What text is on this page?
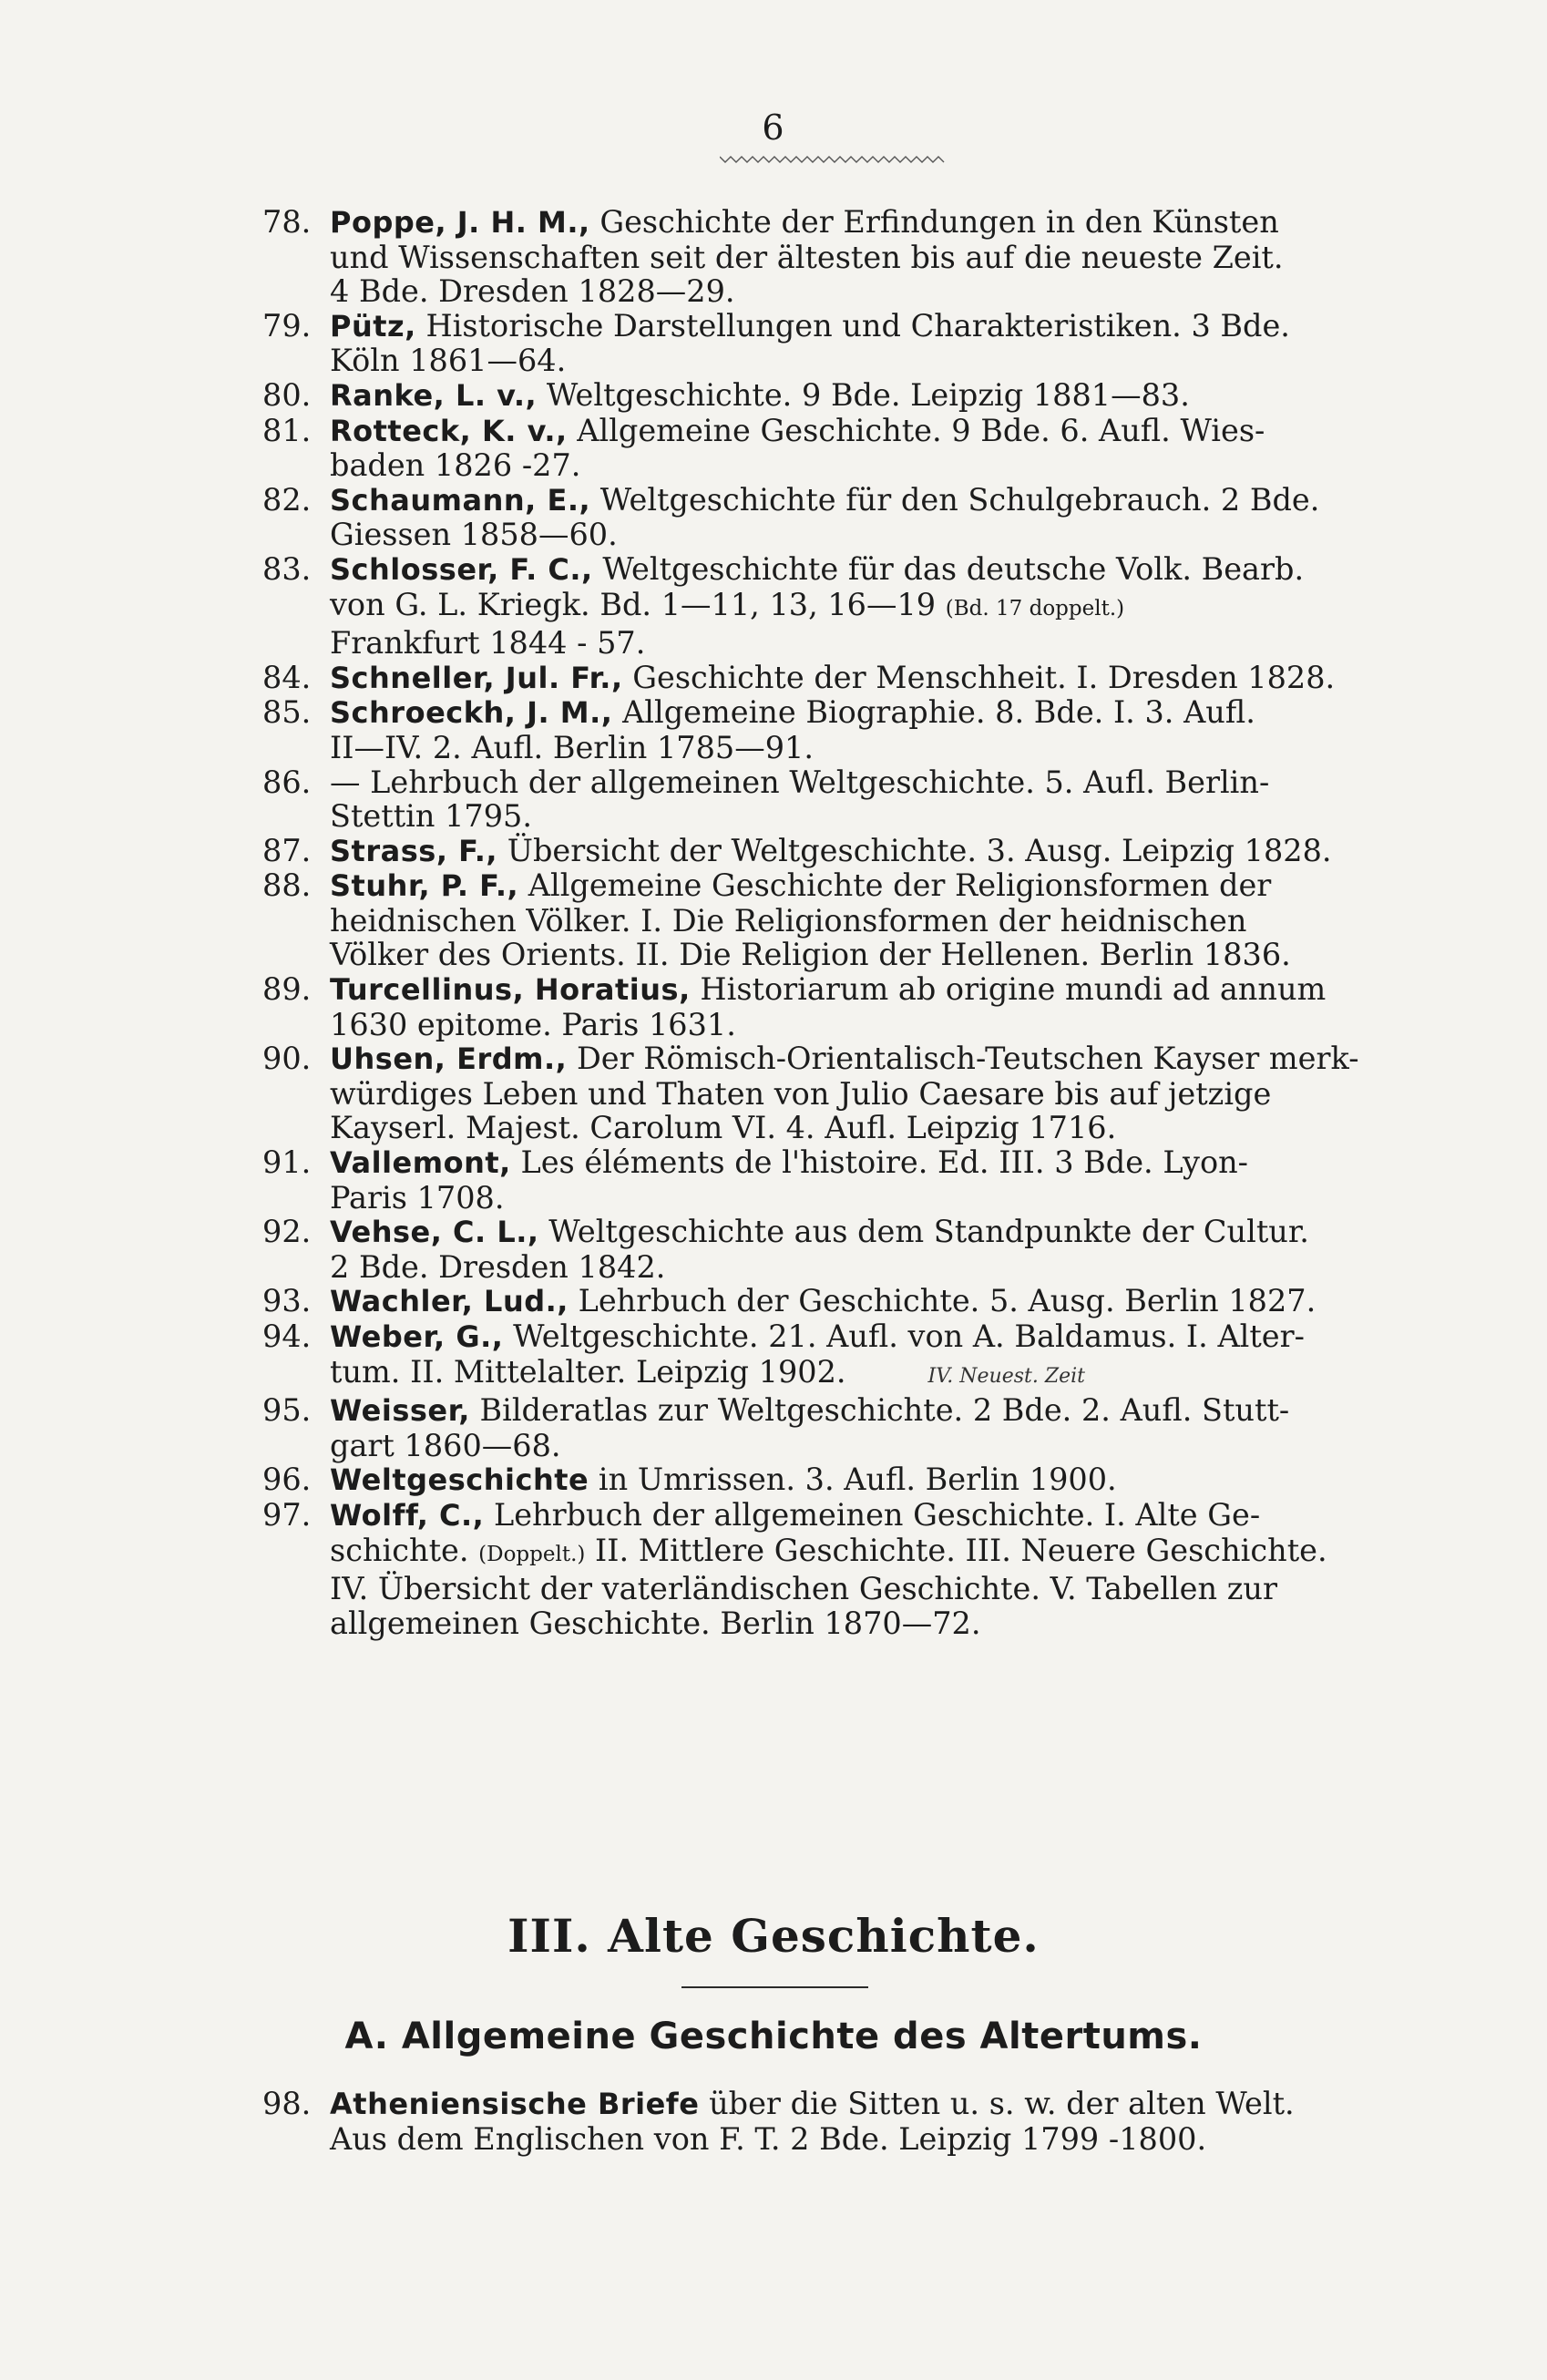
6
78. Poppe, J. H. M., Geschichte der Erfindungen in den Künsten
und Wissenschaften seit der ältesten bis auf die neueste Zeit.
4 Bde. Dresden 1828—29.
79. Pütz, Historische Darstellungen und Charakteristiken. 3 Bde.
Köln 1861—64.
80. Ranke, L. v., Weltgeschichte. 9 Bde. Leipzig 1881—83.
81. Rotteck, K. v., Allgemeine Geschichte. 9 Bde. 6. Aufl. Wies-
baden 1826 -27.
82. Schaumann, E., Weltgeschichte für den Schulgebrauch. 2 Bde.
Giessen 1858—60.
83. Schlosser, F. C., Weltgeschichte für das deutsche Volk. Bearb.
von G. L. Kriegk. Bd. 1—11, 13, 16—19 (Bd. 17 doppelt.)
Frankfurt 1844 - 57.
84. Schneller, Jul. Fr., Geschichte der Menschheit. I. Dresden 1828.
85. Schroeckh, J. M., Allgemeine Biographie. 8. Bde. I. 3. Aufl.
II—IV. 2. Aufl. Berlin 1785—91.
86. — Lehrbuch der allgemeinen Weltgeschichte. 5. Aufl. Berlin-
Stettin 1795.
87. Strass, F., Übersicht der Weltgeschichte. 3. Ausg. Leipzig 1828.
88. Stuhr, P. F., Allgemeine Geschichte der Religionsformen der
heidnischen Völker. I. Die Religionsformen der heidnischen
Völker des Orients. II. Die Religion der Hellenen. Berlin 1836.
89. Turcellinus, Horatius, Historiarum ab origine mundi ad annum
1630 epitome. Paris 1631.
90. Uhsen, Erdm., Der Römisch-Orientalisch-Teutschen Kayser merk-
würdiges Leben und Thaten von Julio Caesare bis auf jetzige
Kayserl. Majest. Carolum VI. 4. Aufl. Leipzig 1716.
91. Vallemont, Les éléments de l'histoire. Ed. III. 3 Bde. Lyon-
Paris 1708.
92. Vehse, C. L., Weltgeschichte aus dem Standpunkte der Cultur.
2 Bde. Dresden 1842.
93. Wachler, Lud., Lehrbuch der Geschichte. 5. Ausg. Berlin 1827.
94. Weber, G., Weltgeschichte. 21. Aufl. von A. Baldamus. I. Alter-
tum. II. Mittelalter. Leipzig 1902.	IV. Neuest. Zeit
95. Weisser, Bilderatlas zur Weltgeschichte. 2 Bde. 2. Aufl. Stutt-
gart 1860—68.
96. Weltgeschichte in Umrissen. 3. Aufl. Berlin 1900.
97. Wolff, C., Lehrbuch der allgemeinen Geschichte. I. Alte Ge-
schichte. (Doppelt.) II. Mittlere Geschichte. III. Neuere Geschichte.
IV. Übersicht der vaterländischen Geschichte. V. Tabellen zur
allgemeinen Geschichte. Berlin 1870—72.
III. Alte Geschichte.
A. Allgemeine Geschichte des Altertums.
98. Atheniensische Briefe über die Sitten u. s. w. der alten Welt.
Aus dem Englischen von F. T. 2 Bde. Leipzig 1799 -1800.
